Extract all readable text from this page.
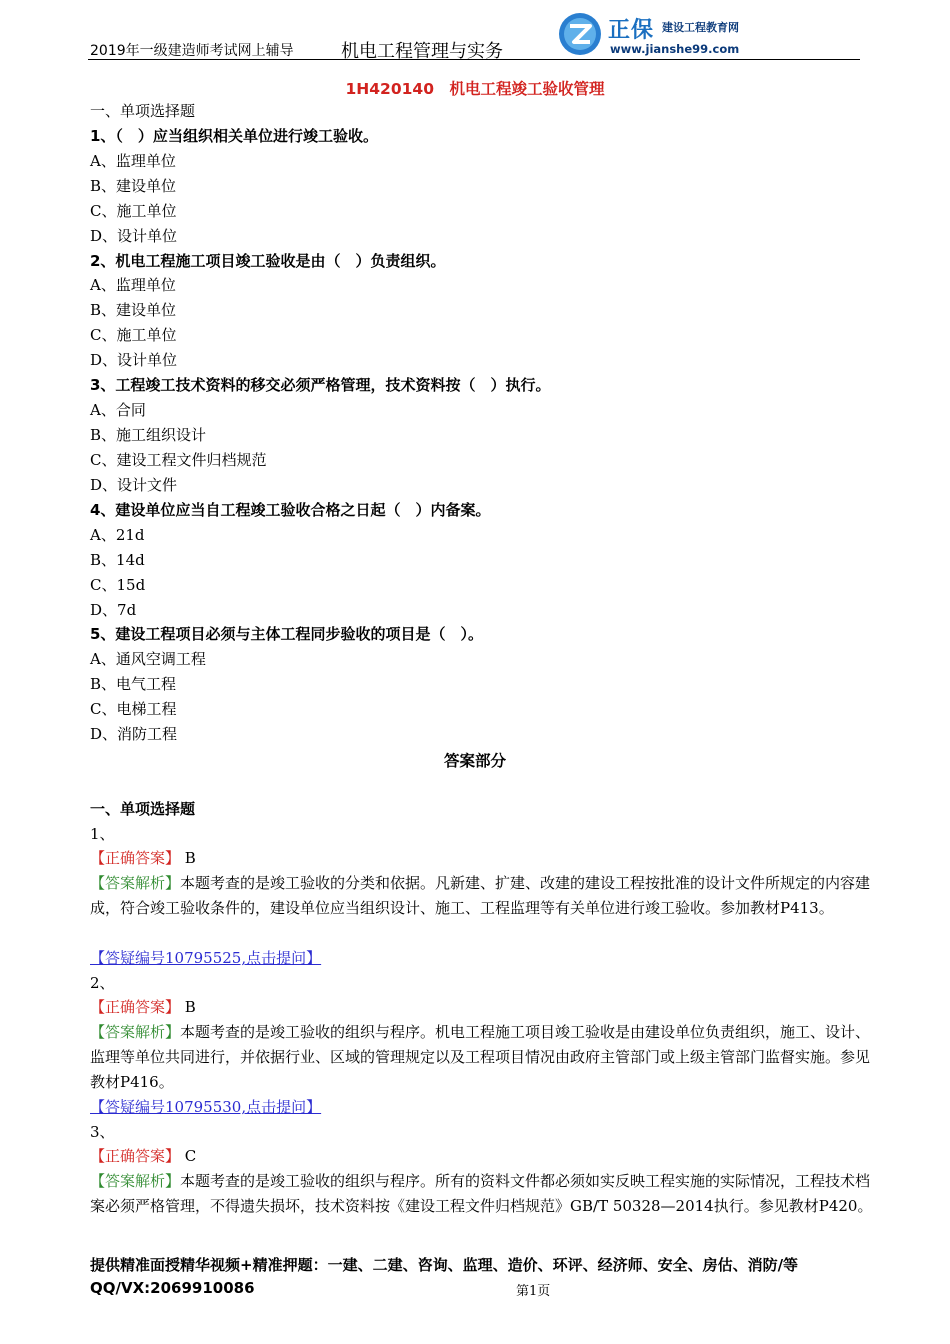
2019年一级建造师考试网上辅导	机电工程管理与实务
正保 建设工程教育网
www.jianshe99.com
1H420140　机电工程竣工验收管理
一、单项选择题
1、（　）应当组织相关单位进行竣工验收。
A、监理单位
B、建设单位
C、施工单位
D、设计单位
2、机电工程施工项目竣工验收是由（　）负责组织。
A、监理单位
B、建设单位
C、施工单位
D、设计单位
3、工程竣工技术资料的移交必须严格管理，技术资料按（　）执行。
A、合同
B、施工组织设计
C、建设工程文件归档规范
D、设计文件
4、建设单位应当自工程竣工验收合格之日起（　）内备案。
A、21d
B、14d
C、15d
D、7d
5、建设工程项目必须与主体工程同步验收的项目是（　）。
A、通风空调工程
B、电气工程
C、电梯工程
D、消防工程
答案部分
一、单项选择题
1、
【正确答案】 B
【答案解析】本题考查的是竣工验收的分类和依据。凡新建、扩建、改建的建设工程按批准的设计文件所规定的内容建成，符合竣工验收条件的，建设单位应当组织设计、施工、工程监理等有关单位进行竣工验收。参加教材P413。
【答疑编号10795525,点击提问】
2、
【正确答案】 B
【答案解析】本题考查的是竣工验收的组织与程序。机电工程施工项目竣工验收是由建设单位负责组织，施工、设计、监理等单位共同进行，并依据行业、区域的管理规定以及工程项目情况由政府主管部门或上级主管部门监督实施。参见教材P416。
【答疑编号10795530,点击提问】
3、
【正确答案】 C
【答案解析】本题考查的是竣工验收的组织与程序。所有的资料文件都必须如实反映工程实施的实际情况，工程技术档案必须严格管理，不得遗失损坏，技术资料按《建设工程文件归档规范》GB/T 50328—2014执行。参见教材P420。
提供精准面授精华视频+精准押题：一建、二建、咨询、监理、造价、环评、经济师、安全、房估、消防/等
QQ/VX:2069910086	第1页
